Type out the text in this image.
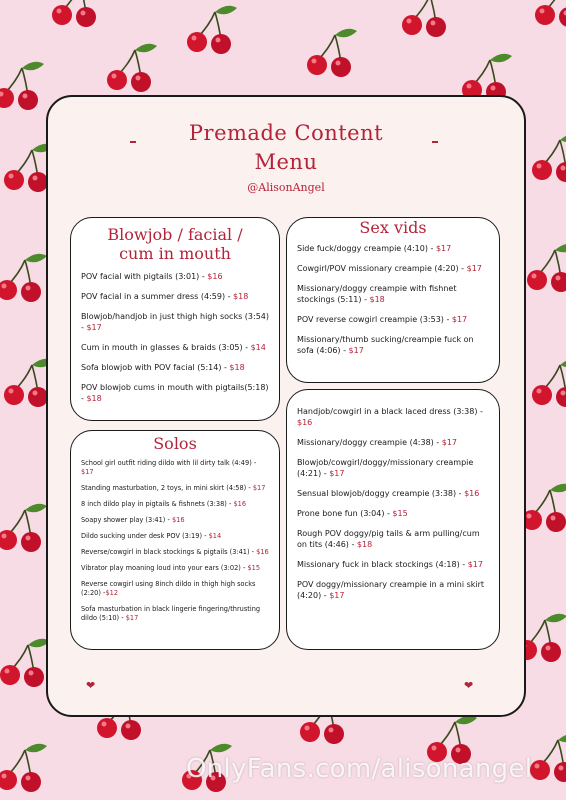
Premade Content
Menu
@AlisonAngel
Blowjob / facial / cum in mouth
POV facial with pigtails (3:01) - $16
POV facial in a summer dress (4:59) - $18
Blowjob/handjob in just thigh high socks (3:54) - $17
Cum in mouth in glasses & braids (3:05) - $14
Sofa blowjob with POV facial (5:14) - $18
POV blowjob cums in mouth with pigtails(5:18) - $18
Solos
School girl outfit riding dildo with lil dirty talk (4:49) - $17
Standing masturbation, 2 toys, in mini skirt (4:58) - $17
8 inch dildo play in pigtails & fishnets (3:38) - $16
Soapy shower play (3:41) - $16
Dildo sucking under desk POV (3:19) - $14
Reverse/cowgirl in black stockings & pigtails (3:41) - $16
Vibrator play moaning loud into your ears (3:02) - $15
Reverse cowgirl using 8inch dildo in thigh high socks (2:20) -$12
Sofa masturbation in black lingerie fingering/thrusting dildo (5:10) - $17
Sex vids
Side fuck/doggy creampie (4:10) - $17
Cowgirl/POV missionary creampie (4:20) - $17
Missionary/doggy creampie with fishnet stockings (5:11) - $18
POV reverse cowgirl creampie (3:53) - $17
Missionary/thumb sucking/creampie fuck on sofa (4:06) - $17
Handjob/cowgirl in a black laced dress (3:38) - $16
Missionary/doggy creampie (4:38) - $17
Blowjob/cowgirl/doggy/missionary creampie (4:21) - $17
Sensual blowjob/doggy creampie (3:38) - $16
Prone bone fun (3:04) - $15
Rough POV doggy/pig tails & arm pulling/cum on tits (4:46) - $18
Missionary fuck in black stockings (4:18) - $17
POV doggy/missionary creampie in a mini skirt (4:20) - $17
❤	❤
OnlyFans.com/alisonangel
